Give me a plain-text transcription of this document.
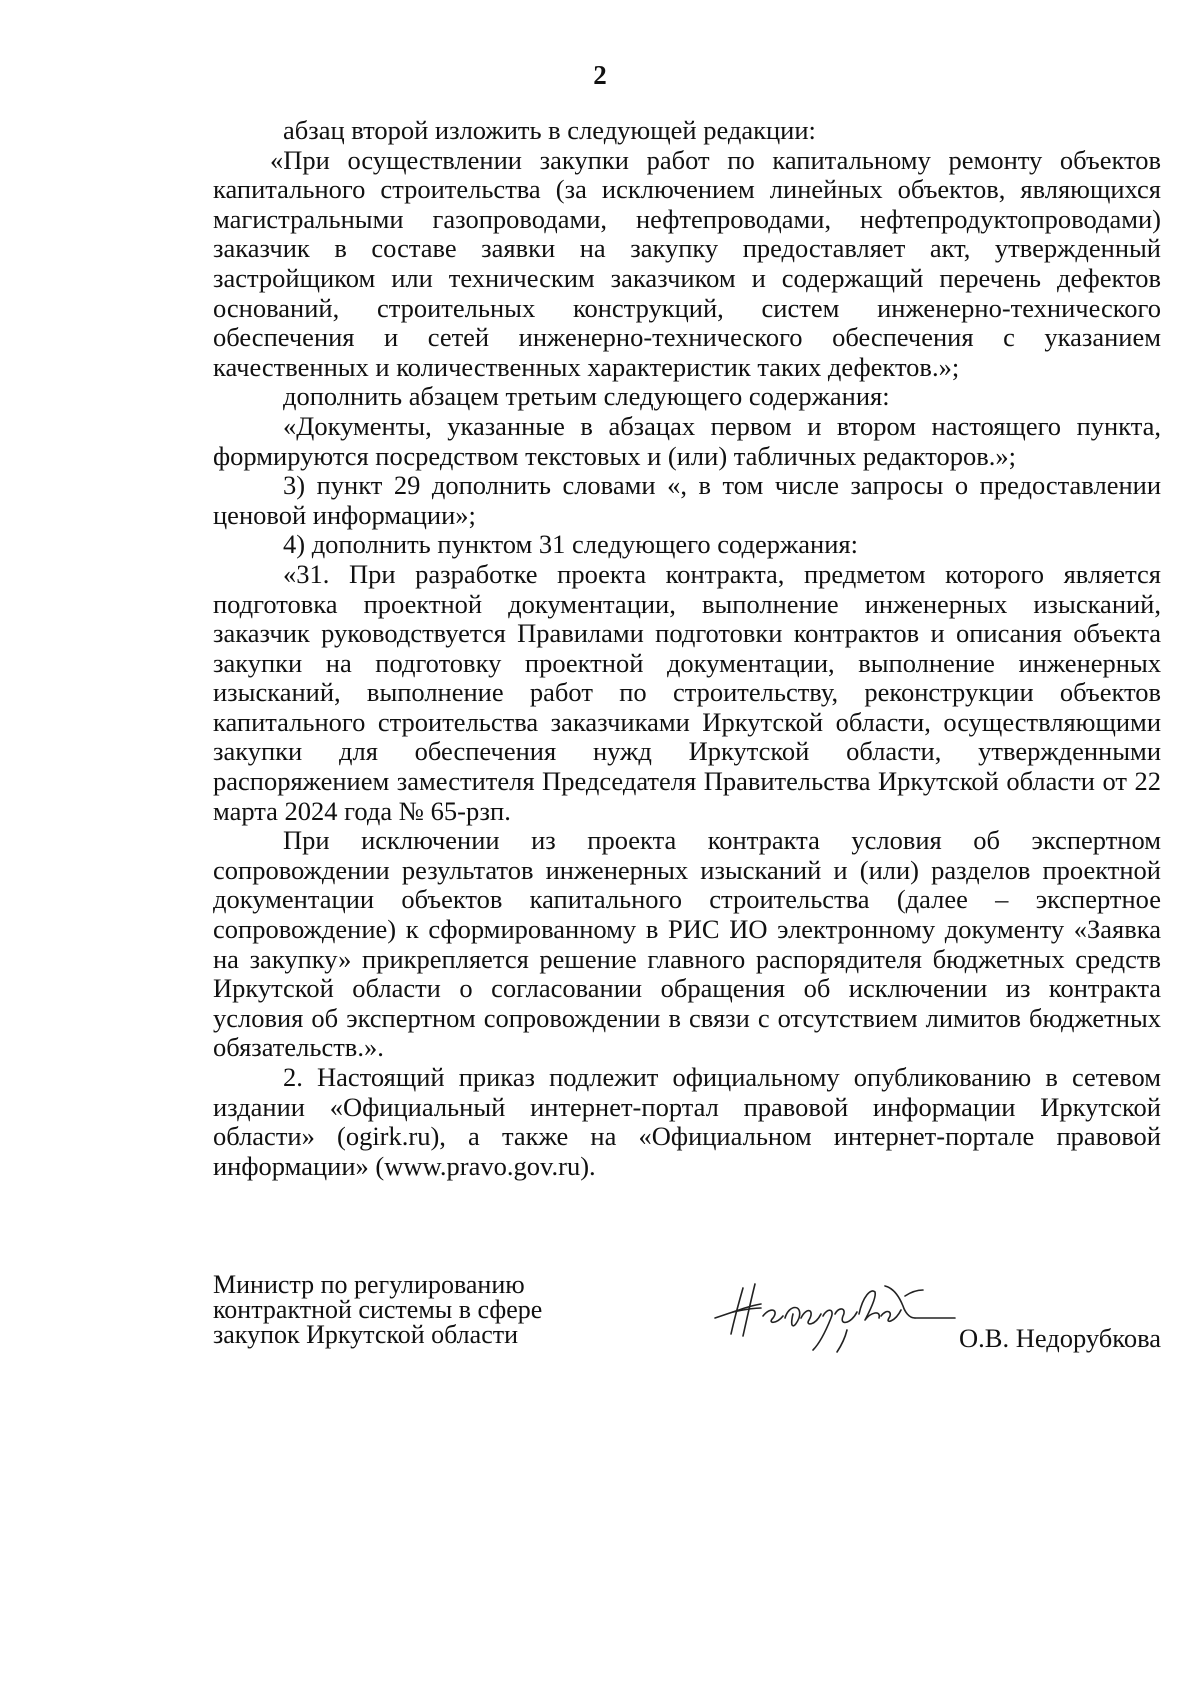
2

абзац второй изложить в следующей редакции:

«При осуществлении закупки работ по капитальному ремонту объектов капитального строительства (за исключением линейных объектов, являющихся магистральными газопроводами, нефтепроводами, нефтепродуктопроводами) заказчик в составе заявки на закупку предоставляет акт, утвержденный застройщиком или техническим заказчиком и содержащий перечень дефектов оснований, строительных конструкций, систем инженерно-технического обеспечения и сетей инженерно-технического обеспечения с указанием качественных и количественных характеристик таких дефектов.»;

дополнить абзацем третьим следующего содержания:

«Документы, указанные в абзацах первом и втором настоящего пункта, формируются посредством текстовых и (или) табличных редакторов.»;

3) пункт 29 дополнить словами «, в том числе запросы о предоставлении ценовой информации»;

4) дополнить пунктом 31 следующего содержания:

«31. При разработке проекта контракта, предметом которого является подготовка проектной документации, выполнение инженерных изысканий, заказчик руководствуется Правилами подготовки контрактов и описания объекта закупки на подготовку проектной документации, выполнение инженерных изысканий, выполнение работ по строительству, реконструкции объектов капитального строительства заказчиками Иркутской области, осуществляющими закупки для обеспечения нужд Иркутской области, утвержденными распоряжением заместителя Председателя Правительства Иркутской области от 22 марта 2024 года № 65-рзп.

При исключении из проекта контракта условия об экспертном сопровождении результатов инженерных изысканий и (или) разделов проектной документации объектов капитального строительства (далее – экспертное сопровождение) к сформированному в РИС ИО электронному документу «Заявка на закупку» прикрепляется решение главного распорядителя бюджетных средств Иркутской области о согласовании обращения об исключении из контракта условия об экспертном сопровождении в связи с отсутствием лимитов бюджетных обязательств.».

2. Настоящий приказ подлежит официальному опубликованию в сетевом издании «Официальный интернет-портал правовой информации Иркутской области» (ogirk.ru), а также на «Официальном интернет-портале правовой информации» (www.pravo.gov.ru).

Министр по регулированию
контрактной системы в сфере
закупок Иркутской области	О.В. Недорубкова
